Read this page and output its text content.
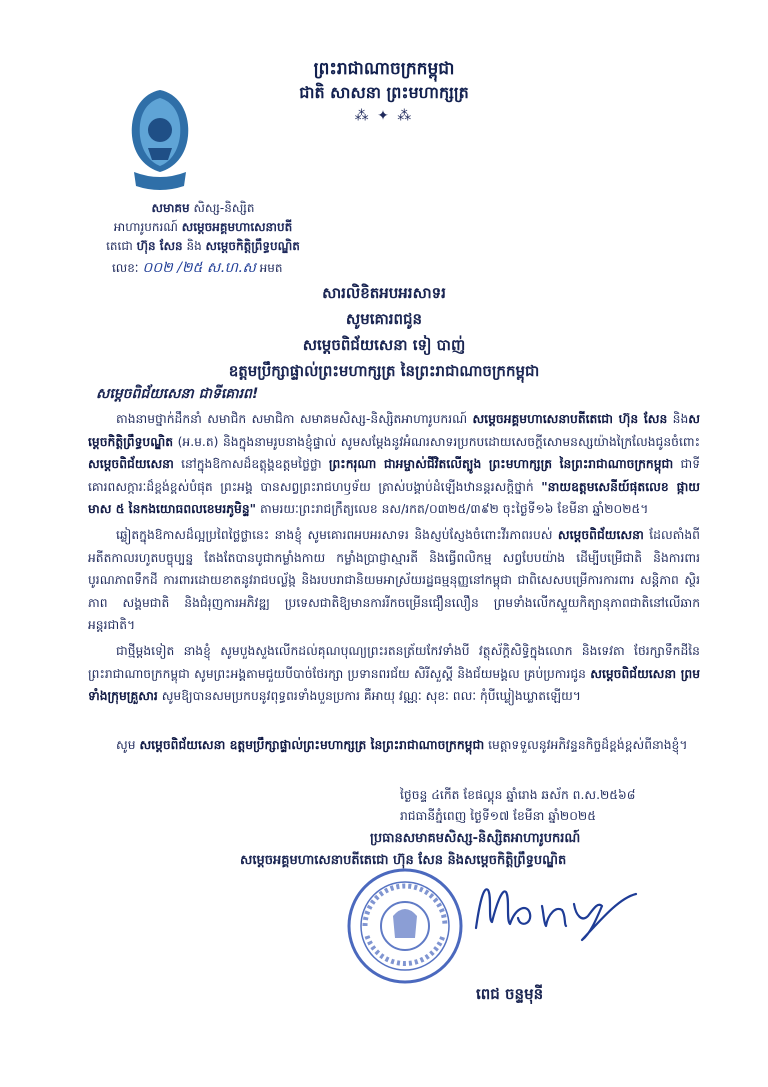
ព្រះរាជាណាចក្រកម្ពុជា
ជាតិ សាសនា ព្រះមហាក្សត្រ
⁂ ✦ ⁂
សមាគម សិស្ស-និស្សិត
អាហារូបករណ៍ សម្តេចអគ្គមហាសេនាបតី
តេជោ ហ៊ុន សែន និង សម្តេចកិត្តិព្រឹទ្ធបណ្ឌិត
លេខៈ ០០២ /២៥ ស.ហ.ស អមត
សារលិខិតអបអរសាទរ
សូមគោរពជូន
សម្តេចពិជ័យសេនា ទៀ បាញ់
ឧត្តមប្រឹក្សាផ្ទាល់ព្រះមហាក្សត្រ នៃព្រះរាជាណាចក្រកម្ពុជា
សម្តេចពិជ័យសេនា ជាទីគោរព!

តាងនាមថ្នាក់ដឹកនាំ សមាជិក សមាជិកា សមាគមសិស្ស-និស្សិតអាហារូបករណ៍ សម្តេចអគ្គមហាសេនាបតីតេជោ ហ៊ុន សែន និងសម្តេចកិត្តិព្រឹទ្ធបណ្ឌិត (អ.ម.ត) និងក្នុងនាមរូបនាងខ្ញុំផ្ទាល់ សូមសម្តែងនូវអំណរសាទរប្រកបដោយសេចក្តីសោមនស្សយ៉ាងក្រៃលែងជូនចំពោះ សម្តេចពិជ័យសេនា នៅក្នុងឱកាសដ៏ឧត្តុង្គឧត្តមថ្លៃថ្លា ព្រះករុណា ជាអម្ចាស់ជីវិតលើត្បូង ព្រះមហាក្សត្រ នៃព្រះរាជាណាចក្រកម្ពុជា ជាទីគោរពសក្ការៈដ៏ខ្ពង់ខ្ពស់បំផុត ព្រះអង្គ បានសព្វព្រះរាជហឫទ័យ ត្រាស់បង្គាប់ដំឡើងឋានន្តរសក្តិថ្នាក់ "នាយឧត្តមសេនីយ៍ផុតលេខ ផ្កាយមាស ៥ នៃកងយោធពលខេមរភូមិន្ទ" តាមរយៈព្រះរាជក្រឹត្យលេខ នស/រកត/០៣២៥/៣៩២ ចុះថ្ងៃទី១៦ ខែមីនា ឆ្នាំ២០២៥។

ឆ្លៀតក្នុងឱកាសដ៏ល្អប្រពៃថ្លៃថ្លានេះ នាងខ្ញុំ សូមគោរពអបអរសាទរ និងស្ញប់ស្ញែងចំពោះវីរភាពរបស់ សម្តេចពិជ័យសេនា ដែលតាំងពីអតីតកាលរហូតបច្ចុប្បន្ន តែងតែបានបូជាកម្លាំងកាយ កម្លាំងប្រាជ្ញាស្មារតី និងធ្វើពលិកម្ម សព្វបែបយ៉ាង ដើម្បីបម្រើជាតិ និងការពារបូរណភាពទឹកដី ការពារដោយខាតនូវរាជបល្ល័ង្ក និងរបបរាជានិយមអាស្រ័យរដ្ឋធម្មនុញ្ញនៅកម្ពុជា ជាពិសេសបម្រើការការពារ សន្តិភាព ស្ថិរភាព សង្គមជាតិ និងជំរុញការអភិវឌ្ឍ ប្រទេសជាតិឱ្យមានការរីកចម្រើនជឿនលឿន ព្រមទាំងលើកស្ទួយកិត្យានុភាពជាតិនៅលើឆាកអន្តរជាតិ។

ជាថ្មីម្តងទៀត នាងខ្ញុំ សូមបួងសួងលើកដល់គុណបុណ្យព្រះរតនត្រ័យកែវទាំងបី វត្ថុស័ក្តិសិទ្ធិក្នុងលោក និងទេវតា ថែរក្សាទឹកដីនៃព្រះរាជាណាចក្រកម្ពុជា សូមព្រះអង្គតាមជួយបីបាច់ថែរក្សា ប្រទានពរជ័យ សិរីសួស្តី និងជ័យមង្គល គ្រប់ប្រការជូន សម្តេចពិជ័យសេនា ព្រមទាំងក្រុមគ្រួសារ សូមឱ្យបានសមប្រកបនូវពុទ្ធពរទាំងបួនប្រការ គឺអាយុ វណ្ណៈ សុខៈ ពលៈ កុំបីឃ្លៀងឃ្លាតឡើយ។

សូម សម្តេចពិជ័យសេនា ឧត្តមប្រឹក្សាផ្ទាល់ព្រះមហាក្សត្រ នៃព្រះរាជាណាចក្រកម្ពុជា មេត្តាទទួលនូវអភិវន្ទនកិច្ចដ៏ខ្ពង់ខ្ពស់ពីនាងខ្ញុំ។

ថ្ងៃចន្ទ ៤កើត ខែផល្គុន ឆ្នាំរោង ឆស័ក ព.ស.២៥៦៨
រាជធានីភ្នំពេញ ថ្ងៃទី១៧ ខែមីនា ឆ្នាំ២០២៥
ប្រធានសមាគមសិស្ស-និស្សិតអាហារូបករណ៍
សម្តេចអគ្គមហាសេនាបតីតេជោ ហ៊ុន សែន និងសម្តេចកិត្តិព្រឹទ្ធបណ្ឌិត
ពេជ ចន្ទមុនី
